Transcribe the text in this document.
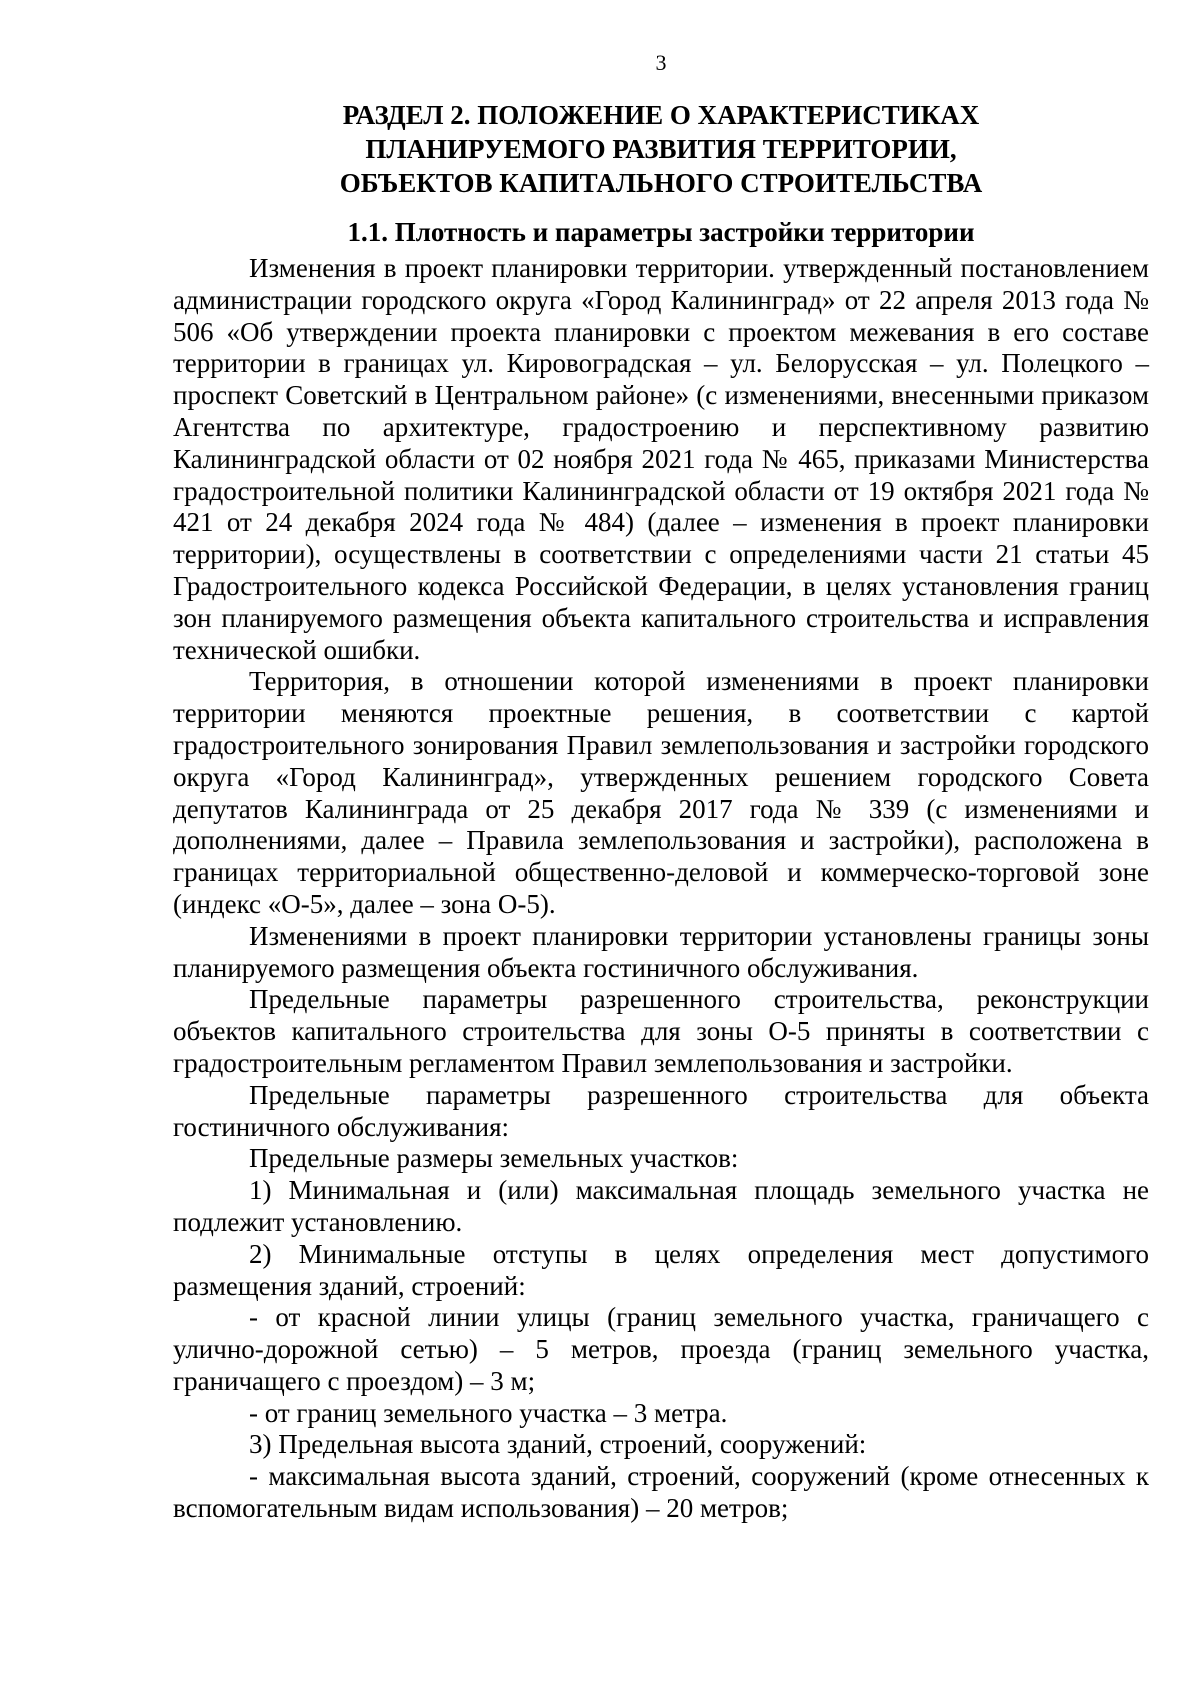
3
РАЗДЕЛ 2. ПОЛОЖЕНИЕ О ХАРАКТЕРИСТИКАХ
ПЛАНИРУЕМОГО РАЗВИТИЯ ТЕРРИТОРИИ,
ОБЪЕКТОВ КАПИТАЛЬНОГО СТРОИТЕЛЬСТВА
1.1. Плотность и параметры застройки территории

Изменения в проект планировки территории. утвержденный постановлением администрации городского округа «Город Калининград» от 22 апреля 2013 года № 506 «Об утверждении проекта планировки с проектом межевания в его составе территории в границах ул. Кировоградская – ул. Белорусская – ул. Полецкого – проспект Советский в Центральном районе» (с изменениями, внесенными приказом Агентства по архитектуре, градостроению и перспективному развитию Калининградской области от 02 ноября 2021 года № 465, приказами Министерства градостроительной политики Калининградской области от 19 октября 2021 года № 421 от 24 декабря 2024 года № 484) (далее – изменения в проект планировки территории), осуществлены в соответствии с определениями части 21 статьи 45 Градостроительного кодекса Российской Федерации, в целях установления границ зон планируемого размещения объекта капитального строительства и исправления технической ошибки.

Территория, в отношении которой изменениями в проект планировки территории меняются проектные решения, в соответствии с картой градостроительного зонирования Правил землепользования и застройки городского округа «Город Калининград», утвержденных решением городского Совета депутатов Калининграда от 25 декабря 2017 года № 339 (с изменениями и дополнениями, далее – Правила землепользования и застройки), расположена в границах территориальной общественно-деловой и коммерческо-торговой зоне (индекс «О-5», далее – зона О-5).

Изменениями в проект планировки территории установлены границы зоны планируемого размещения объекта гостиничного обслуживания.

Предельные параметры разрешенного строительства, реконструкции объектов капитального строительства для зоны О-5 приняты в соответствии с градостроительным регламентом Правил землепользования и застройки.

Предельные параметры разрешенного строительства для объекта гостиничного обслуживания:

Предельные размеры земельных участков:

1) Минимальная и (или) максимальная площадь земельного участка не подлежит установлению.

2) Минимальные отступы в целях определения мест допустимого размещения зданий, строений:

- от красной линии улицы (границ земельного участка, граничащего с улично-дорожной сетью) – 5 метров, проезда (границ земельного участка, граничащего с проездом) – 3 м;

- от границ земельного участка – 3 метра.

3) Предельная высота зданий, строений, сооружений:

- максимальная высота зданий, строений, сооружений (кроме отнесенных к вспомогательным видам использования) – 20 метров;
